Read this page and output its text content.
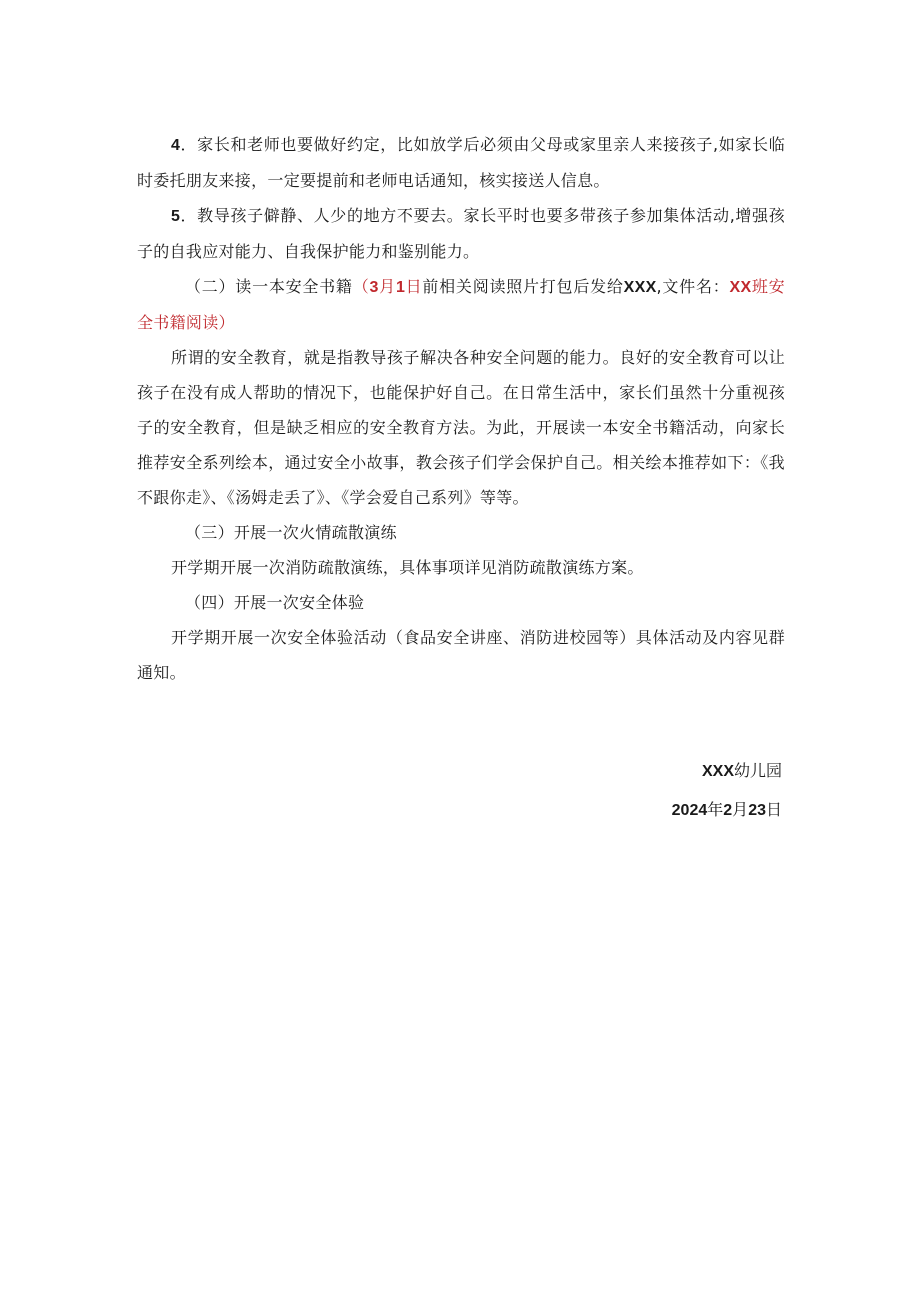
4．家长和老师也要做好约定，比如放学后必须由父母或家里亲人来接孩子,如家长临时委托朋友来接，一定要提前和老师电话通知，核实接送人信息。

5．教导孩子僻静、人少的地方不要去。家长平时也要多带孩子参加集体活动,增强孩子的自我应对能力、自我保护能力和鉴别能力。

（二）读一本安全书籍（3月1日前相关阅读照片打包后发给XXX,文件名：XX班安全书籍阅读）

所谓的安全教育，就是指教导孩子解决各种安全问题的能力。良好的安全教育可以让孩子在没有成人帮助的情况下，也能保护好自己。在日常生活中，家长们虽然十分重视孩子的安全教育，但是缺乏相应的安全教育方法。为此，开展读一本安全书籍活动，向家长推荐安全系列绘本，通过安全小故事，教会孩子们学会保护自己。相关绘本推荐如下：《我不跟你走》、《汤姆走丢了》、《学会爱自己系列》等等。

（三）开展一次火情疏散演练

开学期开展一次消防疏散演练，具体事项详见消防疏散演练方案。

（四）开展一次安全体验

开学期开展一次安全体验活动（食品安全讲座、消防进校园等）具体活动及内容见群通知。

XXX幼儿园

2024年2月23日
